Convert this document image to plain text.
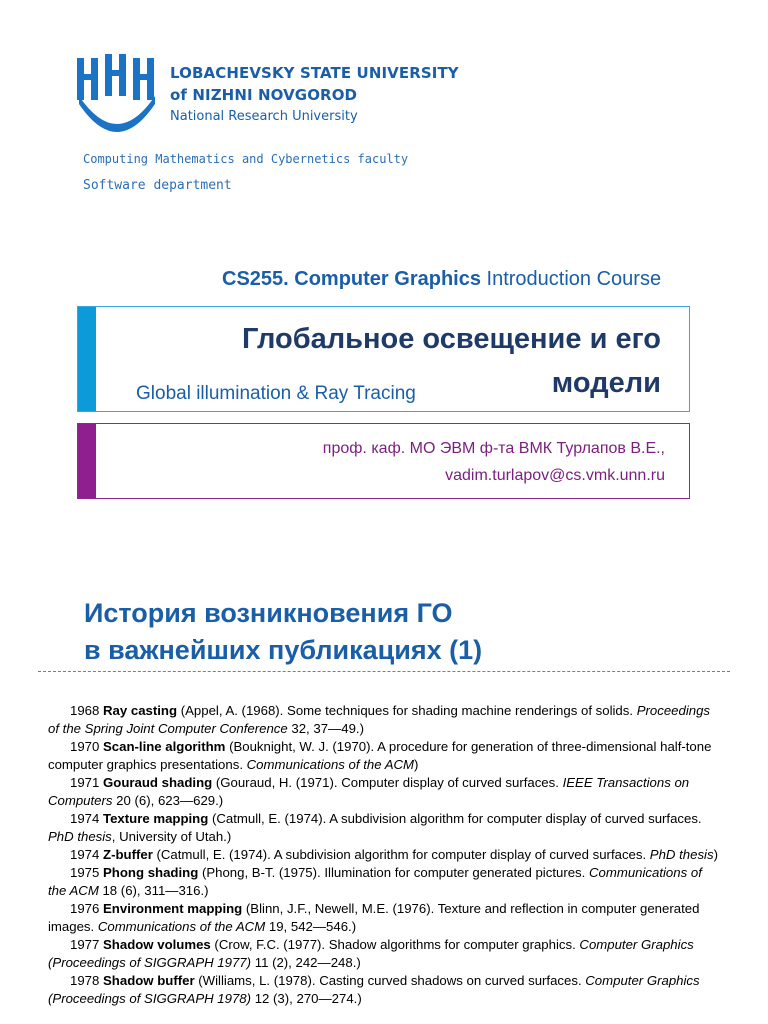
LOBACHEVSKY STATE UNIVERSITY
of NIZHNI NOVGOROD
National Research University
Computing Mathematics and Cybernetics faculty
Software department
CS255. Computer Graphics Introduction Course
Глобальное освещение и его
модели
Global illumination & Ray Tracing
проф. каф. МО ЭВМ ф-та ВМК Турлапов В.Е.,
vadim.turlapov@cs.vmk.unn.ru
История возникновения ГО
в важнейших публикациях (1)

1968 Ray casting (Appel, A. (1968). Some techniques for shading machine renderings of solids. Proceedings of the Spring Joint Computer Conference 32, 37—49.)

1970 Scan-line algorithm (Bouknight, W. J. (1970). A procedure for generation of three-dimensional half-tone computer graphics presentations. Communications of the ACM)

1971 Gouraud shading (Gouraud, H. (1971). Computer display of curved surfaces. IEEE Transactions on Computers 20 (6), 623—629.)

1974 Texture mapping (Catmull, E. (1974). A subdivision algorithm for computer display of curved surfaces. PhD thesis, University of Utah.)

1974 Z-buffer (Catmull, E. (1974). A subdivision algorithm for computer display of curved surfaces. PhD thesis)

1975 Phong shading (Phong, B-T. (1975). Illumination for computer generated pictures. Communications of the ACM 18 (6), 311—316.)

1976 Environment mapping (Blinn, J.F., Newell, M.E. (1976). Texture and reflection in computer generated images. Communications of the ACM 19, 542—546.)

1977 Shadow volumes (Crow, F.C. (1977). Shadow algorithms for computer graphics. Computer Graphics (Proceedings of SIGGRAPH 1977) 11 (2), 242—248.)

1978 Shadow buffer (Williams, L. (1978). Casting curved shadows on curved surfaces. Computer Graphics (Proceedings of SIGGRAPH 1978) 12 (3), 270—274.)
